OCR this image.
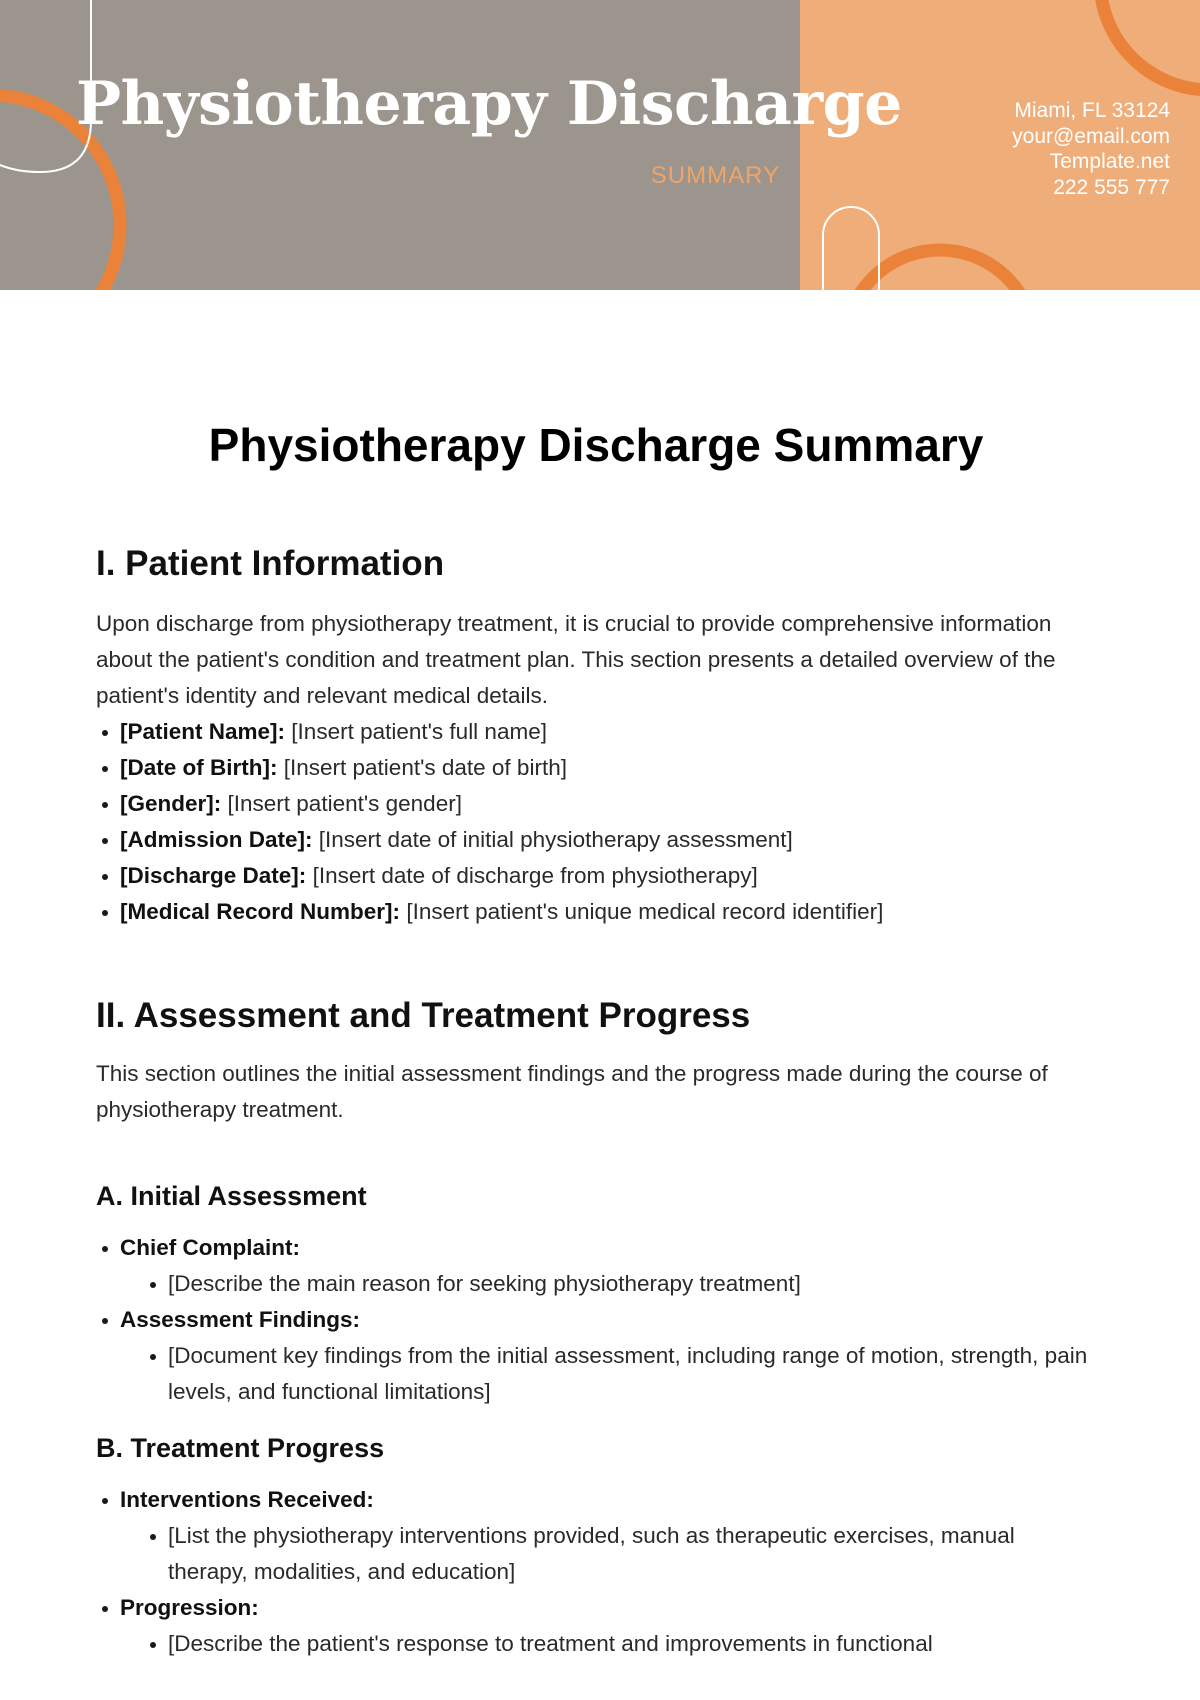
Physiotherapy Discharge
SUMMARY
Miami, FL 33124
your@email.com
Template.net
222 555 777
Physiotherapy Discharge Summary
I. Patient Information

Upon discharge from physiotherapy treatment, it is crucial to provide comprehensive information about the patient's condition and treatment plan. This section presents a detailed overview of the patient's identity and relevant medical details.

[Patient Name]: [Insert patient's full name]
[Date of Birth]: [Insert patient's date of birth]
[Gender]: [Insert patient's gender]
[Admission Date]: [Insert date of initial physiotherapy assessment]
[Discharge Date]: [Insert date of discharge from physiotherapy]
[Medical Record Number]: [Insert patient's unique medical record identifier]
II. Assessment and Treatment Progress

This section outlines the initial assessment findings and the progress made during the course of physiotherapy treatment.

A. Initial Assessment
Chief Complaint:
[Describe the main reason for seeking physiotherapy treatment]
Assessment Findings:
[Document key findings from the initial assessment, including range of motion, strength, pain levels, and functional limitations]
B. Treatment Progress
Interventions Received:
[List the physiotherapy interventions provided, such as therapeutic exercises, manual therapy, modalities, and education]
Progression:
[Describe the patient's response to treatment and improvements in functional
